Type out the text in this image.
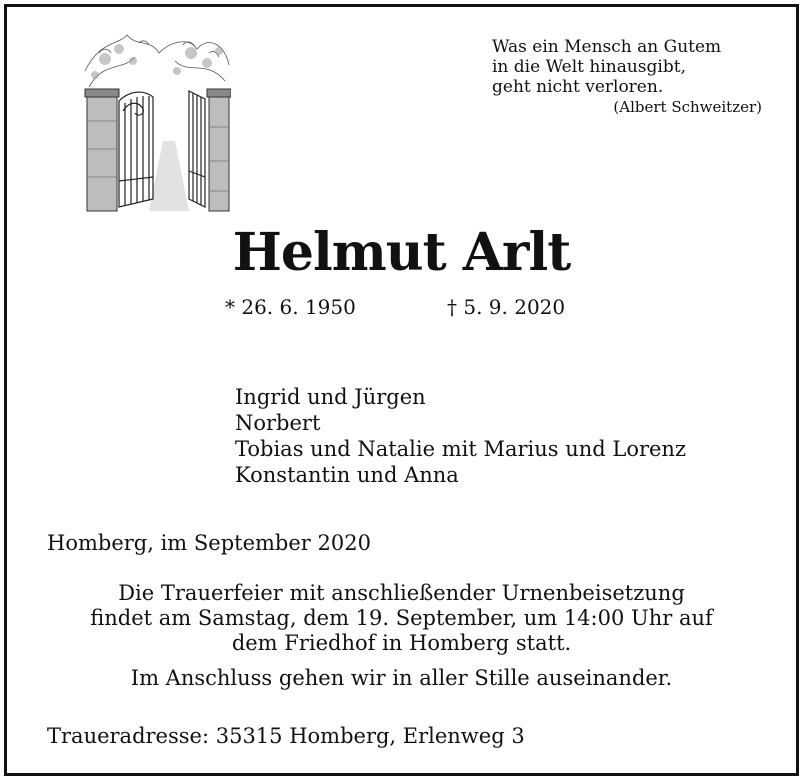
Was ein Mensch an Gutem
in die Welt hinausgibt,
geht nicht verloren.
(Albert Schweitzer)
Helmut Arlt
* 26. 6. 1950	† 5. 9. 2020
Ingrid und Jürgen
Norbert
Tobias und Natalie mit Marius und Lorenz
Konstantin und Anna
Homberg, im September 2020
Die Trauerfeier mit anschließender Urnenbeisetzung
findet am Samstag, dem 19. September, um 14:00 Uhr auf
dem Friedhof in Homberg statt.
Im Anschluss gehen wir in aller Stille auseinander.
Traueradresse: 35315 Homberg, Erlenweg 3
